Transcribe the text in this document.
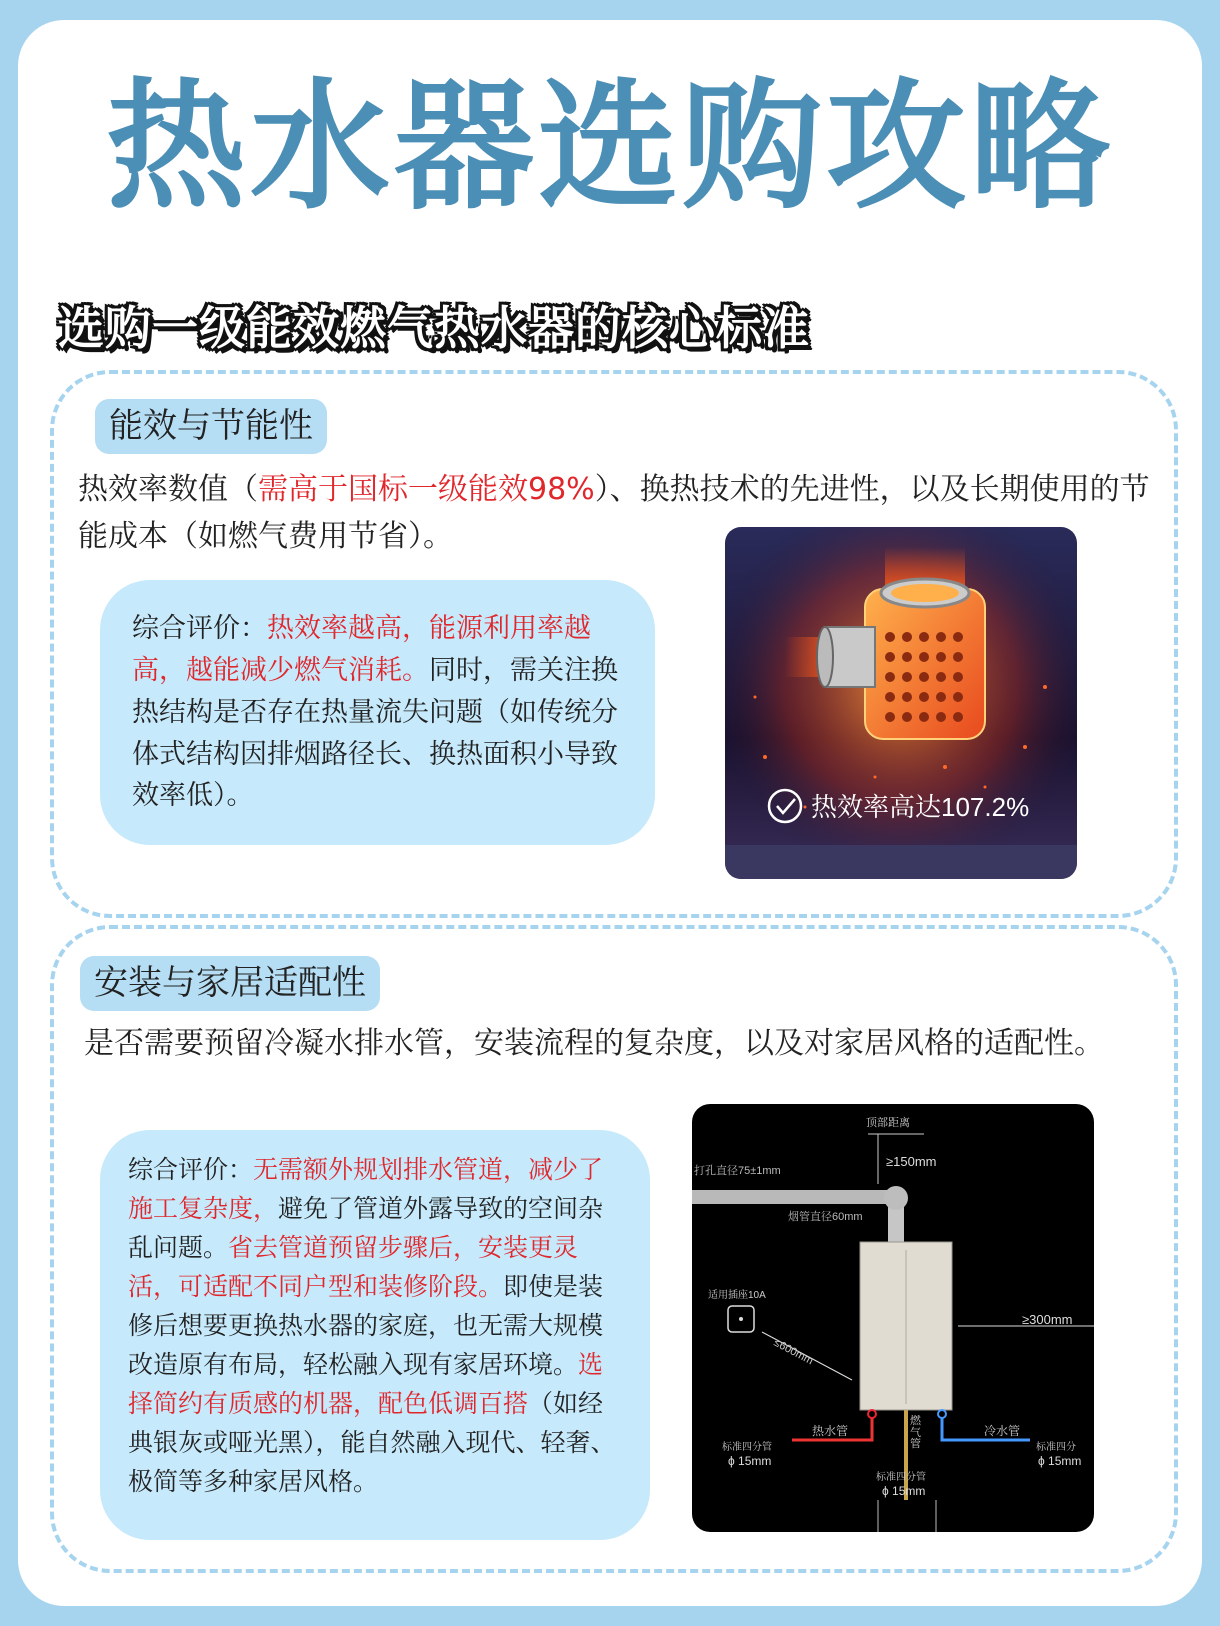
热水器选购攻略
选购一级能效燃气热水器的核心标准
能效与节能性
热效率数值（需高于国标一级能效98%）、换热技术的先进性，以及长期使用的节能成本（如燃气费用节省）。
综合评价：热效率越高，能源利用率越高，越能减少燃气消耗。同时，需关注换热结构是否存在热量流失问题（如传统分体式结构因排烟路径长、换热面积小导致效率低）。	热效率高达107.2%
安装与家居适配性
是否需要预留冷凝水排水管，安装流程的复杂度，以及对家居风格的适配性。
综合评价：无需额外规划排水管道，减少了施工复杂度，避免了管道外露导致的空间杂乱问题。省去管道预留步骤后，安装更灵活，可适配不同户型和装修阶段。即使是装修后想要更换热水器的家庭，也无需大规模改造原有布局，轻松融入现有家居环境。选择简约有质感的机器，配色低调百搭（如经典银灰或哑光黑），能自然融入现代、轻奢、极简等多种家居风格。
顶部距离
≥150mm
打孔直径75±1mm
烟管直径60mm
适用插座10A
≤600mm
≥300mm
热水管
燃气管
冷水管
标准四分管
ϕ 15mm
标准四分
ϕ 15mm
标准四分管
ϕ 15mm
